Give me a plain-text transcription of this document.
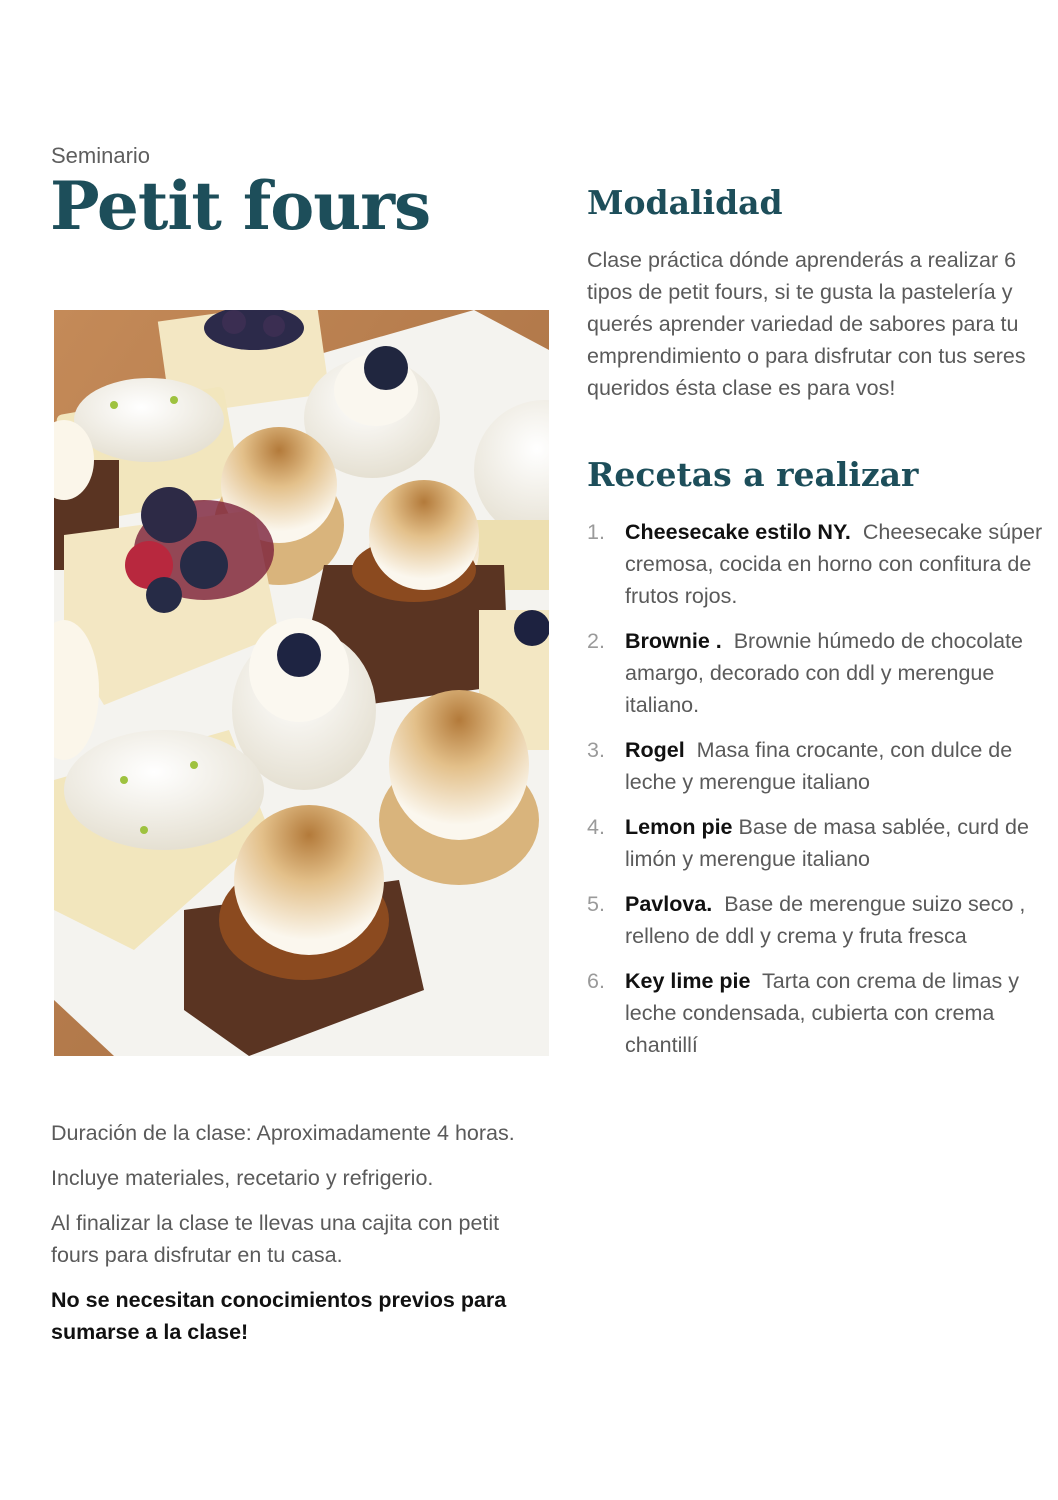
Seminario
Petit fours	Modalidad

Clase práctica dónde aprenderás a realizar 6 tipos de petit fours, si te gusta la pastelería y querés aprender variedad de sabores para tu emprendimiento o para disfrutar con tus seres queridos ésta clase es para vos!

Recetas a realizar
1. Cheesecake estilo NY.  Cheesecake súper cremosa, cocida en horno con confitura de frutos rojos.
2. Brownie .  Brownie húmedo de chocolate amargo, decorado con ddl y merengue italiano.
3. Rogel  Masa fina crocante, con dulce de leche y merengue italiano
4. Lemon pie Base de masa sablée, curd de limón y merengue italiano
5. Pavlova.  Base de merengue suizo seco , relleno de ddl y crema y fruta fresca
6. Key lime pie  Tarta con crema de limas y leche condensada, cubierta con crema chantillí

Duración de la clase: Aproximadamente 4 horas.

Incluye materiales, recetario y refrigerio.

Al finalizar la clase te llevas una cajita con petit fours para disfrutar en tu casa.

No se necesitan conocimientos previos para sumarse a la clase!
